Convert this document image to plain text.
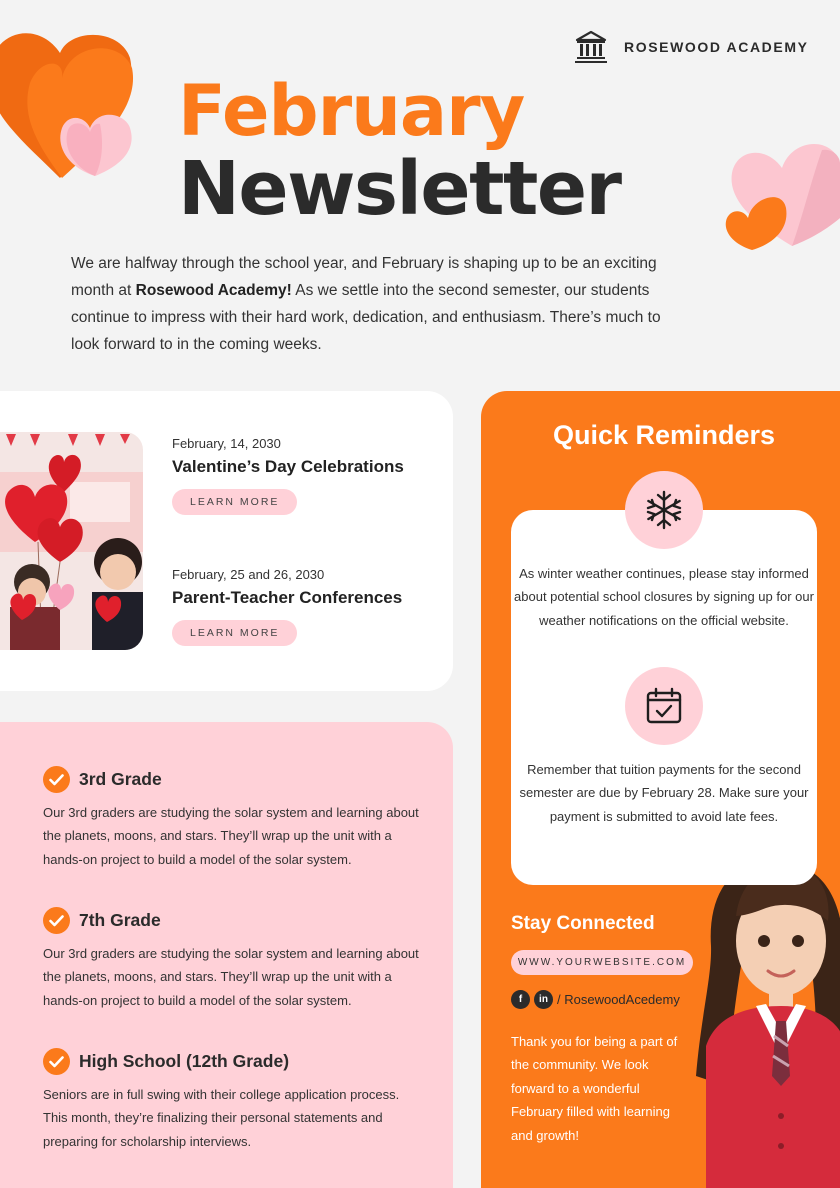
ROSEWOOD ACADEMY
February
Newsletter

We are halfway through the school year, and February is shaping up to be an exciting month at Rosewood Academy! As we settle into the second semester, our students continue to impress with their hard work, dedication, and enthusiasm. There’s much to look forward to in the coming weeks.

February, 14, 2030
Valentine’s Day Celebrations
LEARN MORE
February, 25 and 26, 2030
Parent-Teacher Conferences
LEARN MORE
3rd Grade

Our 3rd graders are studying the solar system and learning about the planets, moons, and stars. They’ll wrap up the unit with a hands-on project to build a model of the solar system.

7th Grade

Our 3rd graders are studying the solar system and learning about the planets, moons, and stars. They’ll wrap up the unit with a hands-on project to build a model of the solar system.

High School (12th Grade)

Seniors are in full swing with their college application process. This month, they’re finalizing their personal statements and preparing for scholarship interviews.

Quick Reminders

As winter weather continues, please stay informed about potential school closures by signing up for our weather notifications on the official website.

Remember that tuition payments for the second semester are due by February 28. Make sure your payment is submitted to avoid late fees.

Stay Connected
WWW.YOURWEBSITE.COM
f	in / RosewoodAcedemy

Thank you for being a part of the community. We look forward to a wonderful February filled with learning and growth!
